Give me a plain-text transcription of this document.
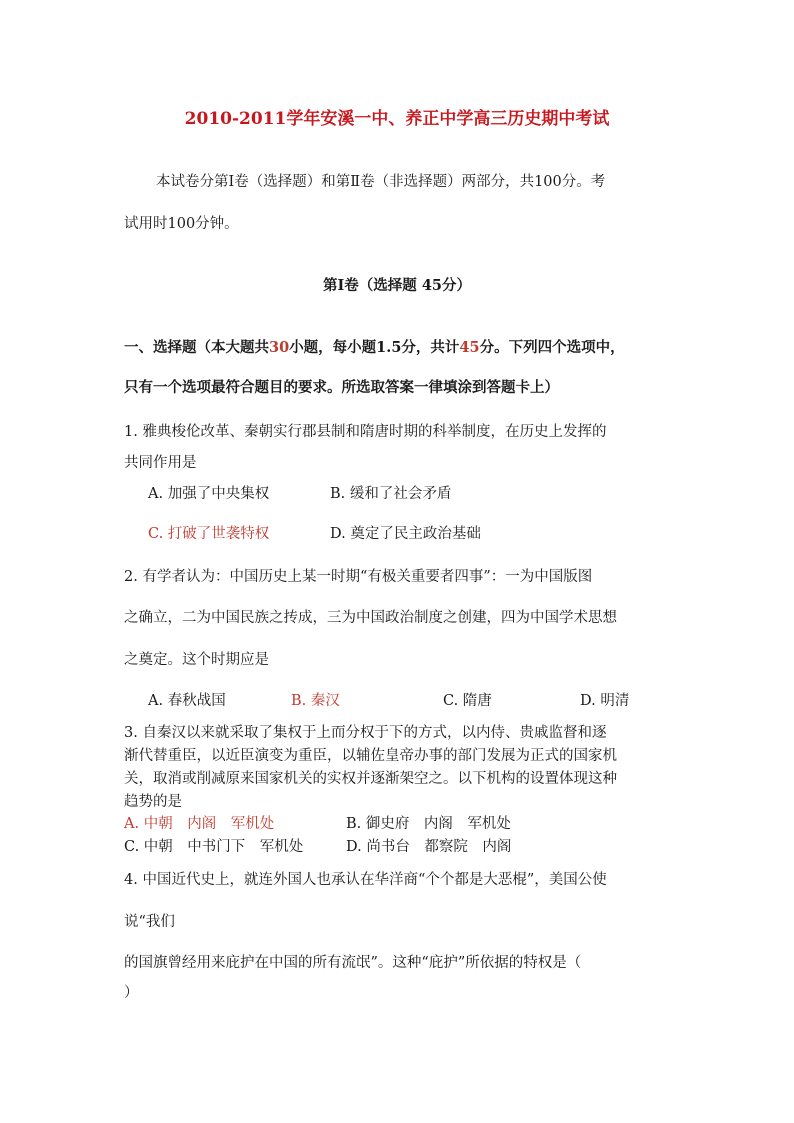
2010-2011学年安溪一中、养正中学高三历史期中考试
本试卷分第Ⅰ卷（选择题）和第Ⅱ卷（非选择题）两部分，共100分。考
试用时100分钟。
第Ⅰ卷（选择题 45分）
一、选择题（本大题共30小题，每小题1.5分，共计45分。下列四个选项中，
只有一个选项最符合题目的要求。所选取答案一律填涂到答题卡上）
1. 雅典梭伦改革、秦朝实行郡县制和隋唐时期的科举制度，在历史上发挥的
共同作用是
A. 加强了中央集权	B. 缓和了社会矛盾
C. 打破了世袭特权	D. 奠定了民主政治基础
2. 有学者认为：中国历史上某一时期“有极关重要者四事”：一为中国版图
之确立，二为中国民族之抟成，三为中国政治制度之创建，四为中国学术思想
之奠定。这个时期应是
A. 春秋战国	B. 秦汉	C. 隋唐	D. 明清
3. 自秦汉以来就采取了集权于上而分权于下的方式，以内侍、贵戚监督和逐
渐代替重臣，以近臣演变为重臣，以辅佐皇帝办事的部门发展为正式的国家机
关，取消或削减原来国家机关的实权并逐渐架空之。以下机构的设置体现这种
趋势的是
A. 中朝　内阁　军机处	B. 御史府　内阁　军机处
C. 中朝　中书门下　军机处	D. 尚书台　都察院　内阁
4. 中国近代史上，就连外国人也承认在华洋商“个个都是大恶棍”，美国公使
说“我们
的国旗曾经用来庇护在中国的所有流氓”。这种“庇护”所依据的特权是（
）
